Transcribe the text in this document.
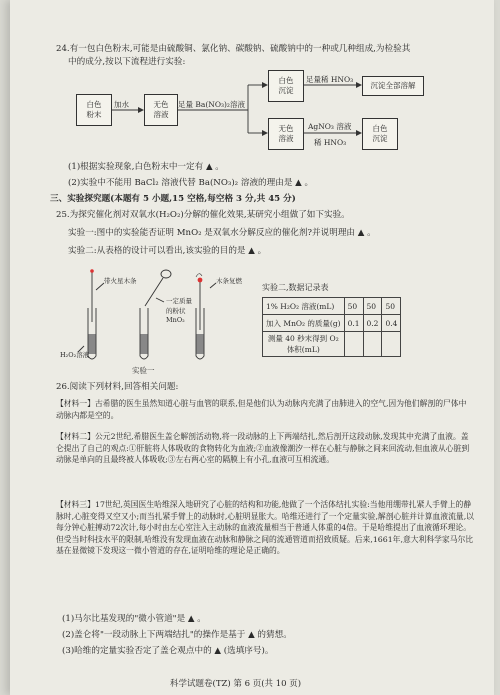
24.有一包白色粉末,可能是由硫酸铜、氯化钠、碳酸钠、硫酸钠中的一种或几种组成,为检验其
中的成分,按以下流程进行实验:
白色
粉末
加水	无色
溶液
足量 Ba(NO₃)₂溶液
白色
沉淀
足量稀 HNO₃
沉淀全部溶解
无色
溶液
AgNO₃ 溶液
稀 HNO₃
白色
沉淀
(1)根据实验现象,白色粉末中一定有 ▲ 。
(2)实验中不能用 BaCl₂ 溶液代替 Ba(NO₃)₂ 溶液的理由是 ▲ 。
三、实验探究题(本题有 5 小题,15 空格,每空格 3 分,共 45 分)
25.为探究催化剂对双氧水(H₂O₂)分解的催化效果,某研究小组做了如下实验。
实验一:图中的实验能否证明 MnO₂ 是双氧水分解反应的催化剂?并说明理由 ▲ 。
实验二:从表格的设计可以看出,该实验的目的是 ▲ 。
带火星木条
一定质量
的粉状
MnO₂
木条复燃
H₂O₂溶液
实验一
实验二,数据记录表
1% H₂O₂ 溶液(mL)	50	50	50
加入 MnO₂ 的质量(g)	0.1	0.2	0.4
测量 40 秒末得到 O₂
体积(mL)			
26.阅读下列材料,回答相关问题:
【材料一】古希腊的医生虽然知道心脏与血管的联系,但是他们认为动脉内充满了由肺进入的空气,因为他们解剖的尸体中动脉内都是空的。
【材料二】公元2世纪,希腊医生盖仑解剖活动物,将一段动脉的上下两端结扎,然后剖开这段动脉,发现其中充满了血液。盖仑提出了自己的观点:①肝脏将人体吸收的食物转化为血液;②血液像潮汐一样在心脏与静脉之间来回流动,但血液从心脏到动脉是单向的且最终被人体吸收;③左右两心室的隔膜上有小孔,血液可互相流通。
【材料三】17世纪,英国医生哈维深入地研究了心脏的结构和功能,他做了一个活体结扎实验:当他用绷带扎紧人手臂上的静脉时,心脏变得又空又小;而当扎紧手臂上的动脉时,心脏明显胀大。哈维还进行了一个定量实验,解剖心脏并计算血液流量,以每分钟心脏搏动72次计,每小时由左心室注入主动脉的血液流量相当于普通人体重的4倍。于是哈维提出了血液循环理论。但受当时科技水平的限制,哈维没有发现血液在动脉和静脉之间的流通管道而招致质疑。后来,1661年,意大利科学家马尔比基在显微镜下发现这一微小管道的存在,证明哈维的理论是正确的。
(1)马尔比基发现的"微小管道"是 ▲ 。
(2)盖仑将"一段动脉上下两端结扎"的操作是基于 ▲ 的猜想。
(3)哈维的定量实验否定了盖仑观点中的 ▲ (选填序号)。
科学试题卷(TZ) 第 6 页(共 10 页)
